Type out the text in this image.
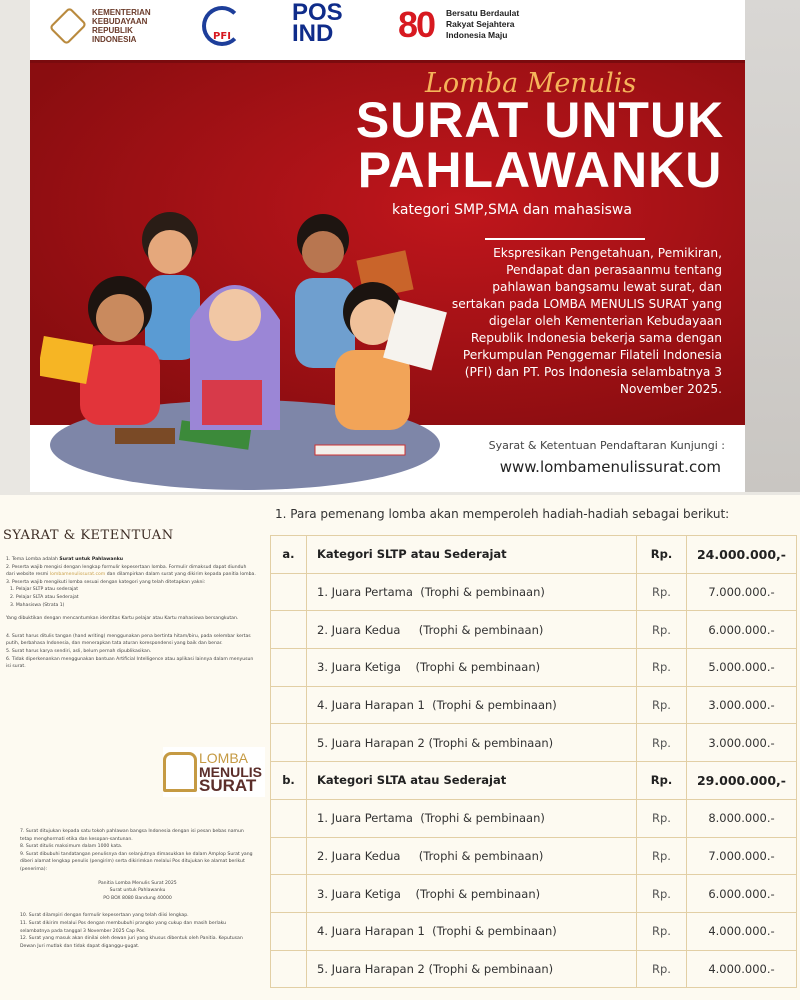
KEMENTERIAN KEBUDAYAAN REPUBLIK INDONESIA	PFI
POS
IND 80 Bersatu Berdaulat
Rakyat Sejahtera
Indonesia Maju
Lomba Menulis
SURAT UNTUK
PAHLAWANKU
kategori SMP,SMA dan mahasiswa
Ekspresikan Pengetahuan, Pemikiran, Pendapat dan perasaanmu tentang pahlawan bangsamu lewat surat, dan sertakan pada LOMBA MENULIS SURAT yang digelar oleh Kementerian Kebudayaan Republik Indonesia bekerja sama dengan Perkumpulan Penggemar Filateli Indonesia (PFI) dan PT. Pos Indonesia selambatnya 3 November 2025.
Syarat & Ketentuan Pendaftaran Kunjungi :
www.lombamenulissurat.com
SYARAT & KETENTUAN
1. Tema Lomba adalah Surat untuk Pahlawanku
2. Peserta wajib mengisi dengan lengkap formulir kepesertaan lomba. Formulir dimaksud dapat diunduh dari website resmi lombamenulissurat.com dan dilampirkan dalam surat yang dikirim kepada panitia lomba.
3. Peserta wajib mengikuti lomba sesuai dengan kategori yang telah ditetapkan yakni:
1. Pelajar SLTP atau sederajat
2. Pelajar SLTA atau Sederajat
3. Mahasiswa (Strata 1)
Yang dibuktikan dengan mencantumkan identitas Kartu pelajar atau Kartu mahasiswa bersangkutan.
4. Surat harus ditulis tangan (hand writing) menggunakan pena bertinta hitam/biru, pada selembar kertas putih, berbahasa Indonesia, dan menerapkan tata aturan korespondensi yang baik dan benar.
5. Surat harus karya sendiri, asli, belum pernah dipublikasikan.
6. Tidak diperkenankan menggunakan bantuan Artificial Intelligence atau aplikasi lainnya dalam menyusun isi surat.
LOMBA
MENULIS
SURAT
7. Surat ditujukan kepada satu tokoh pahlawan bangsa Indonesia dengan isi pesan bebas namun tetap menghormati etika dan kesopan-santunan.
8. Surat ditulis maksimum dalam 1000 kata.
9. Surat dibubuhi tandatangan penulisnya dan selanjutnya dimasukkan ke dalam Amplop Surat yang diberi alamat lengkap penulis (pengirim) serta dikirimkan melalui Pos ditujukan ke alamat berikut (penerima):
Panitia Lomba Menulis Surat 2025
Surat untuk Pahlawanku
PO BOX 8080 Bandung 40000
10. Surat dilampiri dengan formulir kepesertaan yang telah diisi lengkap.
11. Surat dikirim melalui Pos dengan membubuhi prangko yang cukup dan masih berlaku selambatnya pada tanggal 3 November 2025 Cap Pos.
12. Surat yang masuk akan dinilai oleh dewan juri yang khusus dibentuk oleh Panitia. Keputusan Dewan Juri mutlak dan tidak dapat diganggu-gugat.
1. Para pemenang lomba akan memperoleh hadiah-hadiah sebagai berikut:
a.	Kategori SLTP atau Sederajat	Rp.	24.000.000,-
	1. Juara Pertama  (Trophi & pembinaan)	Rp.	7.000.000.-
	2. Juara Kedua     (Trophi & pembinaan)	Rp.	6.000.000.-
	3. Juara Ketiga    (Trophi & pembinaan)	Rp.	5.000.000.-
	4. Juara Harapan 1  (Trophi & pembinaan)	Rp.	3.000.000.-
	5. Juara Harapan 2 (Trophi & pembinaan)	Rp.	3.000.000.-
b.	Kategori SLTA atau Sederajat	Rp.	29.000.000,-
	1. Juara Pertama  (Trophi & pembinaan)	Rp.	8.000.000.-
	2. Juara Kedua     (Trophi & pembinaan)	Rp.	7.000.000.-
	3. Juara Ketiga    (Trophi & pembinaan)	Rp.	6.000.000.-
	4. Juara Harapan 1  (Trophi & pembinaan)	Rp.	4.000.000.-
	5. Juara Harapan 2 (Trophi & pembinaan)	Rp.	4.000.000.-
